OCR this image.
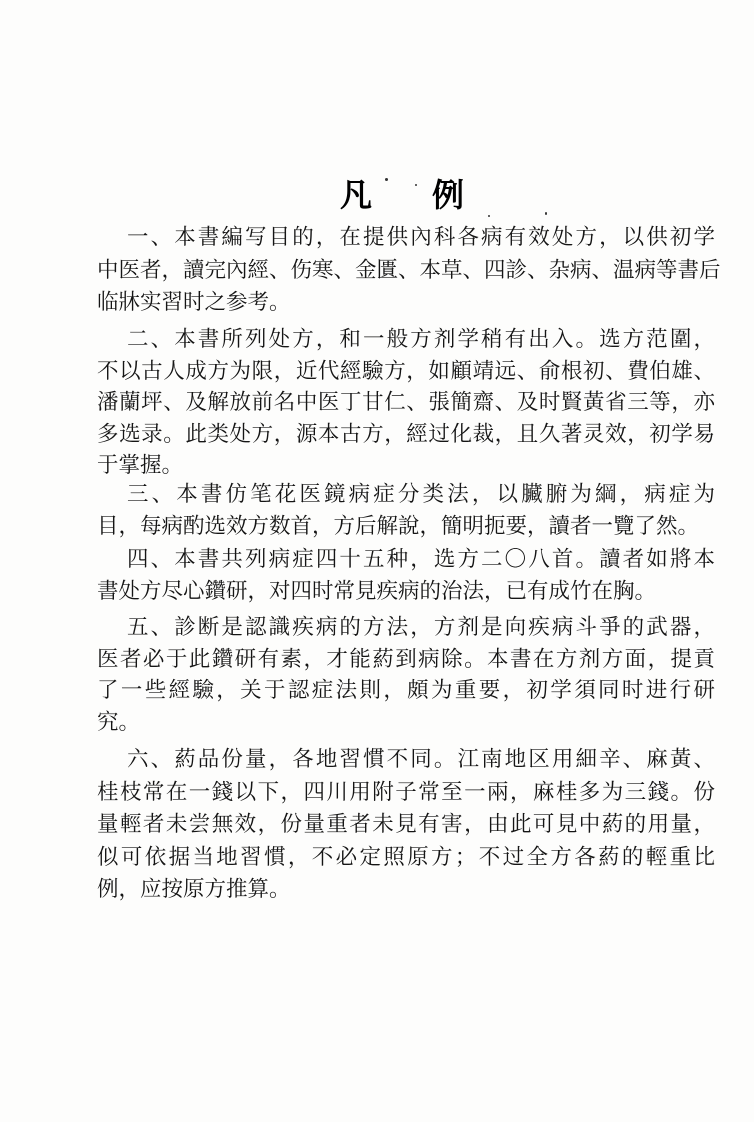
凡 例
一、本書編写目的，在提供內科各病有效处方，以供初学
中医者，讀完內經、伤寒、金匱、本草、四診、杂病、温病等書后
临牀实習时之参考。
二、本書所列处方，和一般方剂学稍有出入。选方范圍，
不以古人成方为限，近代經驗方，如顧靖远、俞根初、費伯雄、
潘蘭坪、及解放前名中医丁甘仁、張簡齋、及时賢黃省三等，亦
多选录。此类处方，源本古方，經过化裁，且久著灵效，初学易
于掌握。
三、本書仿笔花医鏡病症分类法，以臟腑为綱，病症为
目，每病酌选效方数首，方后解說，簡明扼要，讀者一覽了然。
四、本書共列病症四十五种，选方二〇八首。讀者如將本
書处方尽心鑽研，对四时常見疾病的治法，已有成竹在胸。
五、診断是認識疾病的方法，方剂是向疾病斗爭的武器，
医者必于此鑽研有素，才能葯到病除。本書在方剂方面，提貢
了一些經驗，关于認症法則，頗为重要，初学須同时进行研
究。
六、葯品份量，各地習慣不同。江南地区用細辛、麻黃、
桂枝常在一錢以下，四川用附子常至一兩，麻桂多为三錢。份
量輕者未尝無效，份量重者未見有害，由此可見中葯的用量，
似可依据当地習慣，不必定照原方；不过全方各葯的輕重比
例，应按原方推算。
